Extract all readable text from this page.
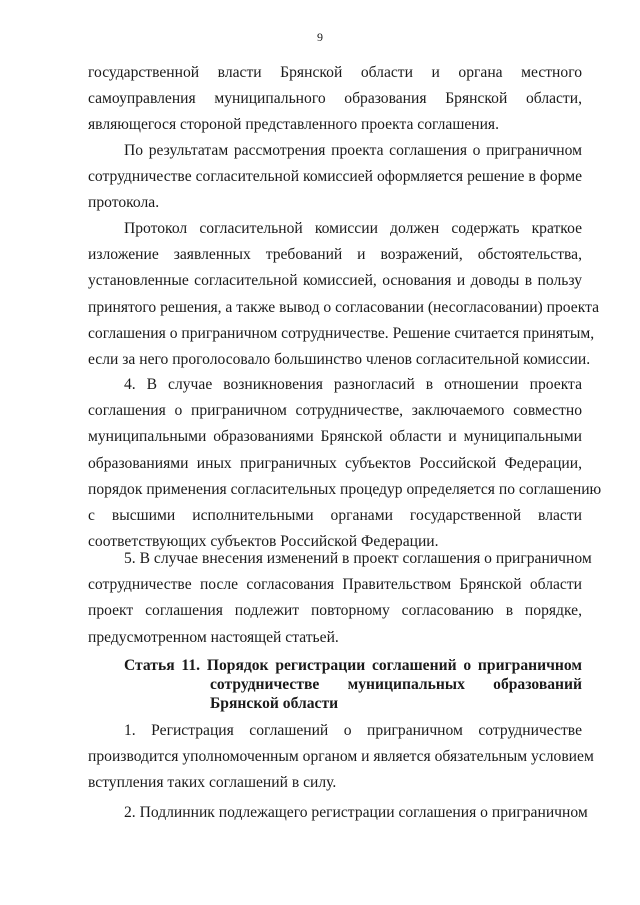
9
государственной власти Брянской области и органа местного
самоуправления муниципального образования Брянской области,
являющегося стороной представленного проекта соглашения.
По результатам рассмотрения проекта соглашения о приграничном
сотрудничестве согласительной комиссией оформляется решение в форме
протокола.
Протокол согласительной комиссии должен содержать краткое
изложение заявленных требований и возражений, обстоятельства,
установленные согласительной комиссией, основания и доводы в пользу
принятого решения, а также вывод о согласовании (несогласовании) проекта
соглашения о приграничном сотрудничестве. Решение считается принятым,
если за него проголосовало большинство членов согласительной комиссии.
4. В случае возникновения разногласий в отношении проекта
соглашения о приграничном сотрудничестве, заключаемого совместно
муниципальными образованиями Брянской области и муниципальными
образованиями иных приграничных субъектов Российской Федерации,
порядок применения согласительных процедур определяется по соглашению
с высшими исполнительными органами государственной власти
соответствующих субъектов Российской Федерации.
5. В случае внесения изменений в проект соглашения о приграничном
сотрудничестве после согласования Правительством Брянской области
проект соглашения подлежит повторному согласованию в порядке,
предусмотренном настоящей статьей.
Статья 11. Порядок регистрации соглашений о приграничном
сотрудничестве муниципальных образований
Брянской области
1. Регистрация соглашений о приграничном сотрудничестве
производится уполномоченным органом и является обязательным условием
вступления таких соглашений в силу.
2. Подлинник подлежащего регистрации соглашения о приграничном
